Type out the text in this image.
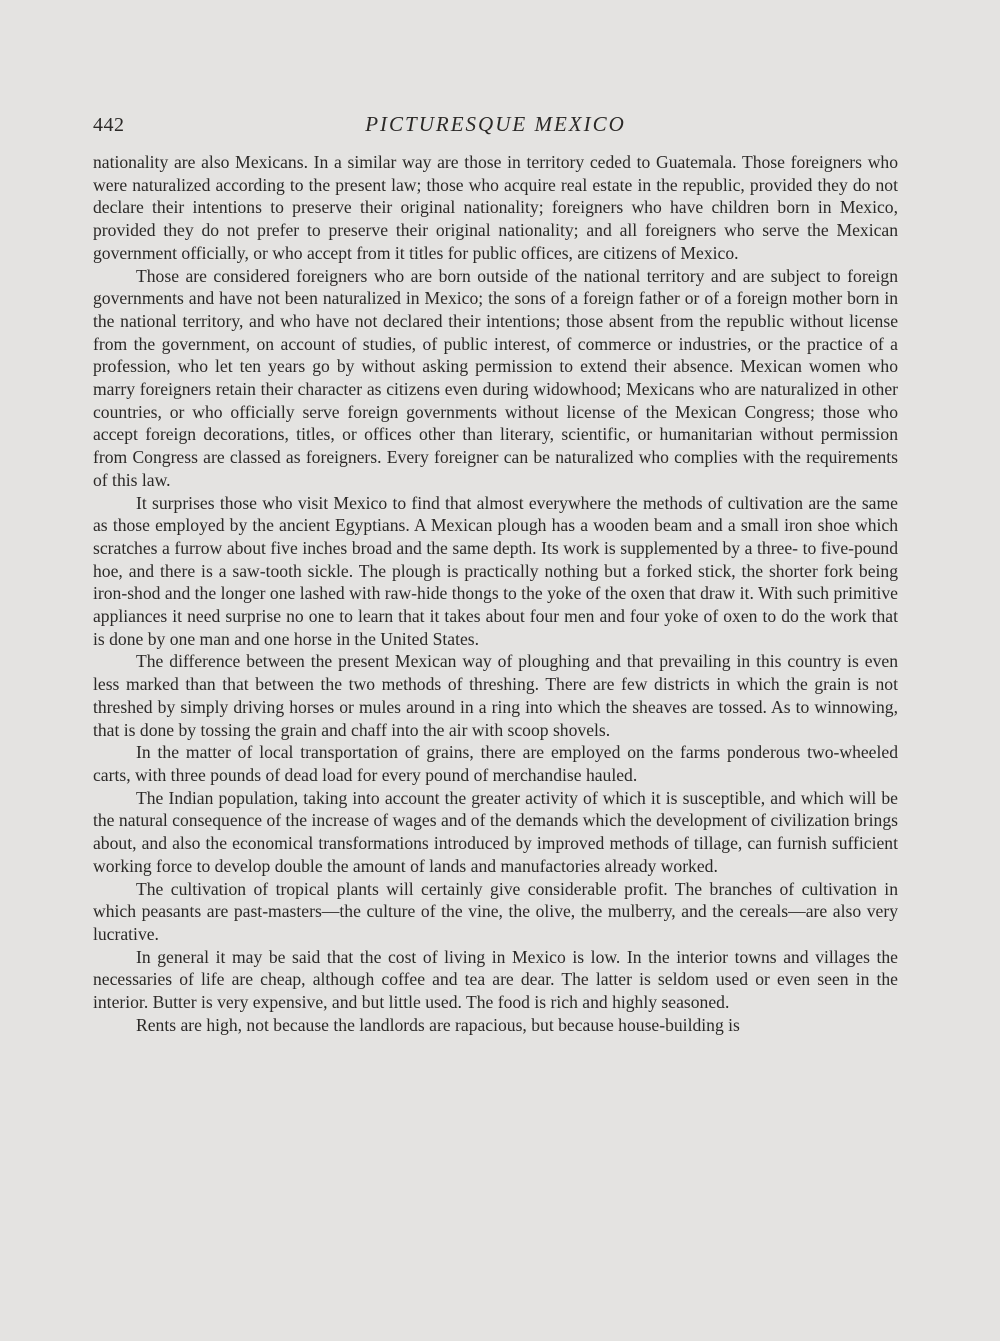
442	PICTURESQUE MEXICO

nationality are also Mexicans. In a similar way are those in territory ceded to Guatemala. Those foreigners who were naturalized according to the present law; those who acquire real estate in the republic, provided they do not declare their intentions to preserve their original nationality; foreigners who have children born in Mexico, provided they do not prefer to preserve their original nationality; and all foreigners who serve the Mexican government officially, or who accept from it titles for public offices, are citizens of Mexico.

Those are considered foreigners who are born outside of the national territory and are subject to foreign governments and have not been naturalized in Mexico; the sons of a foreign father or of a foreign mother born in the national territory, and who have not declared their intentions; those absent from the republic without license from the government, on account of studies, of public interest, of commerce or industries, or the practice of a profession, who let ten years go by without asking permission to extend their absence. Mexican women who marry foreigners retain their character as citizens even during widowhood; Mexicans who are naturalized in other countries, or who officially serve foreign governments without license of the Mexican Congress; those who accept foreign decorations, titles, or offices other than literary, scientific, or humanitarian without permission from Congress are classed as foreigners. Every foreigner can be naturalized who complies with the requirements of this law.

It surprises those who visit Mexico to find that almost everywhere the methods of cultivation are the same as those employed by the ancient Egyptians. A Mexican plough has a wooden beam and a small iron shoe which scratches a furrow about five inches broad and the same depth. Its work is supplemented by a three- to five-pound hoe, and there is a saw-tooth sickle. The plough is practically nothing but a forked stick, the shorter fork being iron-shod and the longer one lashed with raw-hide thongs to the yoke of the oxen that draw it. With such primitive appliances it need surprise no one to learn that it takes about four men and four yoke of oxen to do the work that is done by one man and one horse in the United States.

The difference between the present Mexican way of ploughing and that prevailing in this country is even less marked than that between the two methods of threshing. There are few districts in which the grain is not threshed by simply driving horses or mules around in a ring into which the sheaves are tossed. As to winnowing, that is done by tossing the grain and chaff into the air with scoop shovels.

In the matter of local transportation of grains, there are employed on the farms ponderous two-wheeled carts, with three pounds of dead load for every pound of merchandise hauled.

The Indian population, taking into account the greater activity of which it is susceptible, and which will be the natural consequence of the increase of wages and of the demands which the development of civilization brings about, and also the economical transformations introduced by improved methods of tillage, can furnish sufficient working force to develop double the amount of lands and manufactories already worked.

The cultivation of tropical plants will certainly give considerable profit. The branches of cultivation in which peasants are past-masters—the culture of the vine, the olive, the mulberry, and the cereals—are also very lucrative.

In general it may be said that the cost of living in Mexico is low. In the interior towns and villages the necessaries of life are cheap, although coffee and tea are dear. The latter is seldom used or even seen in the interior. Butter is very expensive, and but little used. The food is rich and highly seasoned.

Rents are high, not because the landlords are rapacious, but because house-building is
